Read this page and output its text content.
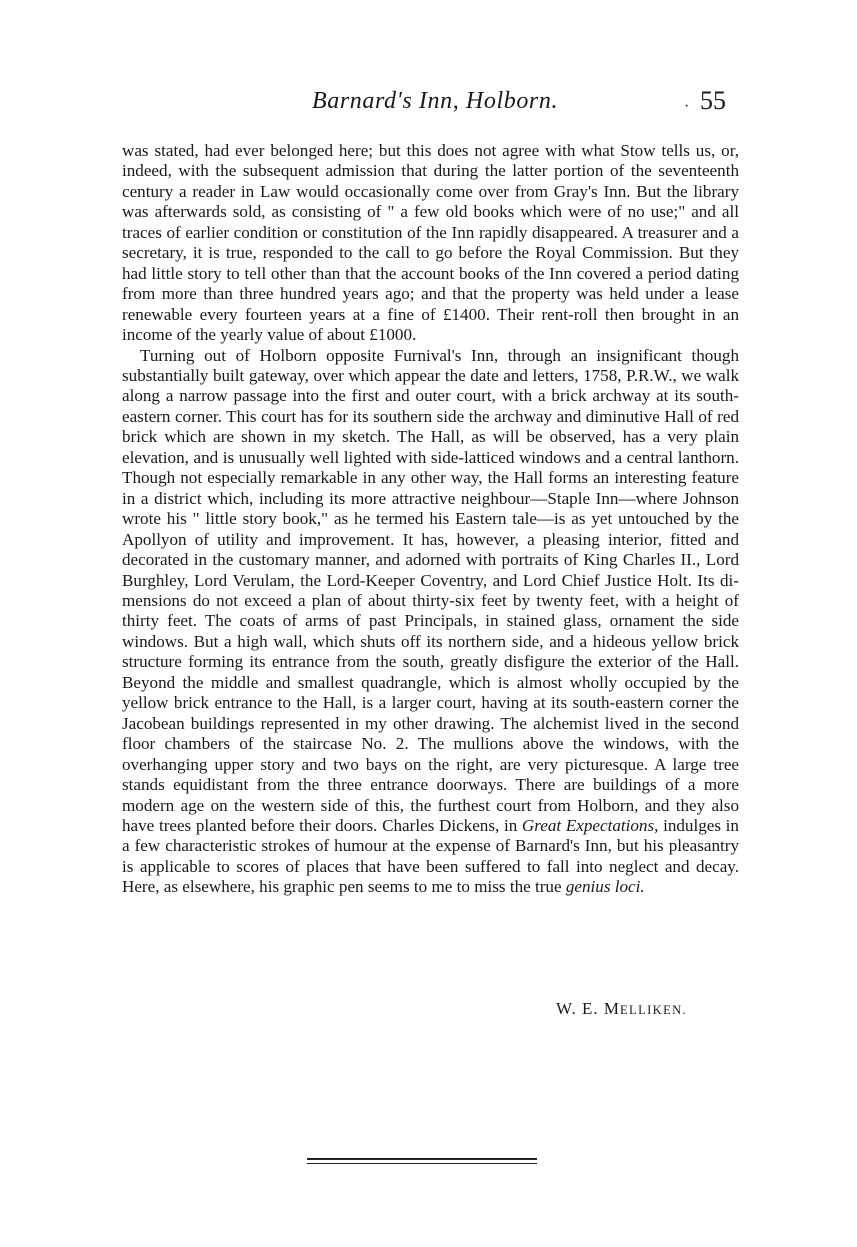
Barnard's Inn, Holborn.	· 55

was stated, had ever belonged here; but this does not agree with what Stow tells us, or, indeed, with the subsequent admission that during the latter portion of the seventeenth century a reader in Law would occasionally come over from Gray's Inn. But the library was afterwards sold, as consisting of " a few old books which were of no use;" and all traces of earlier condition or constitution of the Inn rapidly disappeared. A treasurer and a secretary, it is true, responded to the call to go before the Royal Commission. But they had little story to tell other than that the account books of the Inn covered a period dating from more than three hundred years ago; and that the property was held under a lease renewable every fourteen years at a fine of £1400. Their rent-roll then brought in an income of the yearly value of about £1000.

Turning out of Holborn opposite Furnival's Inn, through an insignificant though substantially built gateway, over which appear the date and letters, 1758, P.R.W., we walk along a narrow passage into the first and outer court, with a brick archway at its south-eastern corner. This court has for its southern side the archway and diminutive Hall of red brick which are shown in my sketch. The Hall, as will be observed, has a very plain elevation, and is unusually well lighted with side-latticed windows and a central lanthorn. Though not especially remarkable in any other way, the Hall forms an interesting feature in a district which, including its more attractive neighbour—Staple Inn—where Johnson wrote his " little story book," as he termed his Eastern tale—is as yet untouched by the Apollyon of utility and improvement. It has, however, a pleasing interior, fitted and decorated in the customary manner, and adorned with portraits of King Charles II., Lord Burghley, Lord Verulam, the Lord-Keeper Coventry, and Lord Chief Justice Holt. Its dimensions do not exceed a plan of about thirty-six feet by twenty feet, with a height of thirty feet. The coats of arms of past Principals, in stained glass, ornament the side windows. But a high wall, which shuts off its northern side, and a hideous yellow brick structure forming its entrance from the south, greatly disfigure the exterior of the Hall. Beyond the middle and smallest quadrangle, which is almost wholly occupied by the yellow brick entrance to the Hall, is a larger court, having at its south-eastern corner the Jacobean buildings represented in my other drawing. The alchemist lived in the second floor chambers of the staircase No. 2. The mullions above the windows, with the overhanging upper story and two bays on the right, are very picturesque. A large tree stands equidistant from the three entrance doorways. There are buildings of a more modern age on the western side of this, the furthest court from Holborn, and they also have trees planted before their doors. Charles Dickens, in Great Expectations, indulges in a few characteristic strokes of humour at the expense of Barnard's Inn, but his pleasantry is applicable to scores of places that have been suffered to fall into neglect and decay. Here, as elsewhere, his graphic pen seems to me to miss the true genius loci.

W. E. MELLIKEN.
